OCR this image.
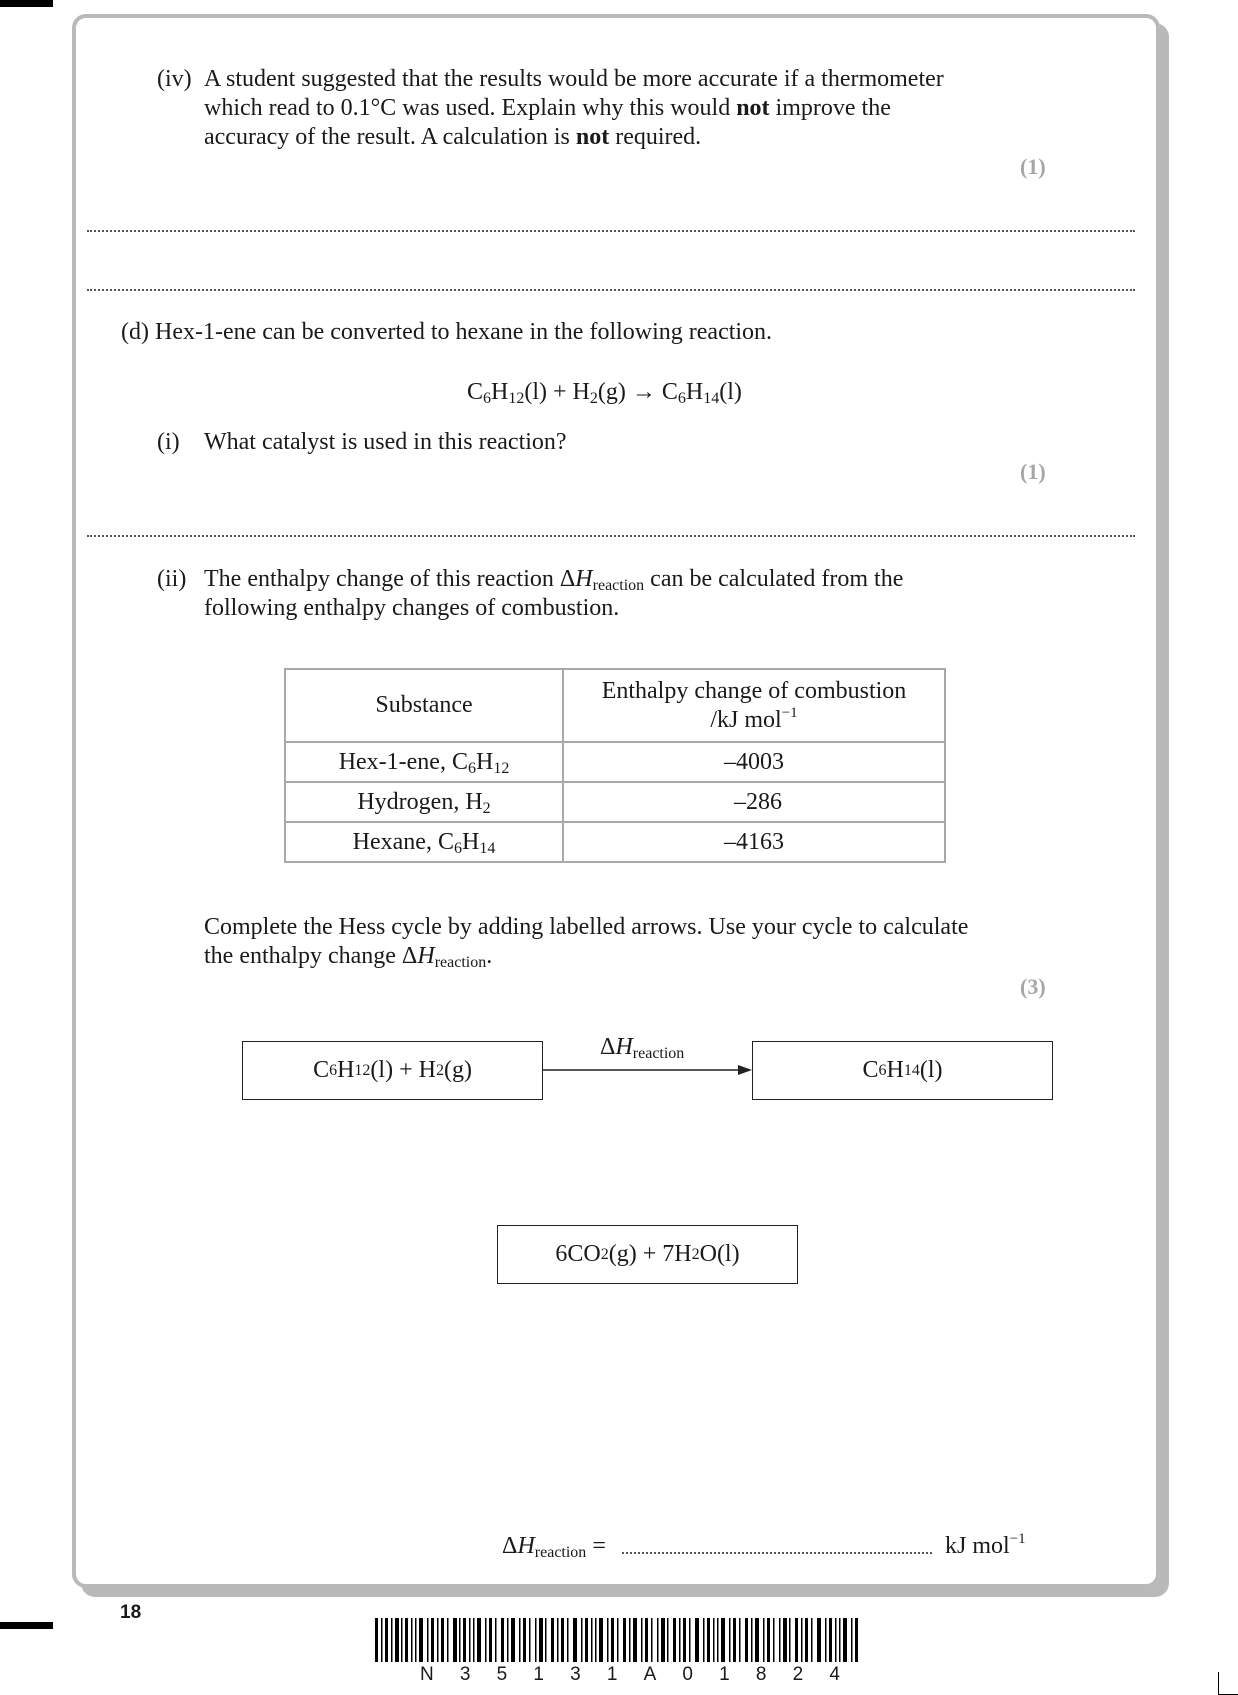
(iv) A student suggested that the results would be more accurate if a thermometer
which read to 0.1°C was used. Explain why this would not improve the
accuracy of the result. A calculation is not required.
(1)
(d) Hex-1-ene can be converted to hexane in the following reaction.
$C_6H_{12}(l) + H_2(g) \to C_6H_{14}(l)$
(i) What catalyst is used in this reaction?
(1)
(ii) The enthalpy change of this reaction $\Delta H_{reaction}$ can be calculated from the
following enthalpy changes of combustion.
Substance	Enthalpy change of combustion
/kJ mol$^{-1}$
Hex-1-ene, $C_6H_{12}$	–4003
Hydrogen, $H_2$	–286
Hexane, $C_6H_{14}$	–4163
Complete the Hess cycle by adding labelled arrows. Use your cycle to calculate
the enthalpy change $\Delta H_{reaction}$.
(3)
C 6 H 12 (l) + H 2 (g)	C 6 H 14 (l)
6CO 2 (g) + 7H 2 O(l)
$\Delta H_{reaction}$
$\Delta H_{reaction}$ =	kJ mol$^{-1}$
18
N 3 5 1 3 1 A 0 1 8 2 4
